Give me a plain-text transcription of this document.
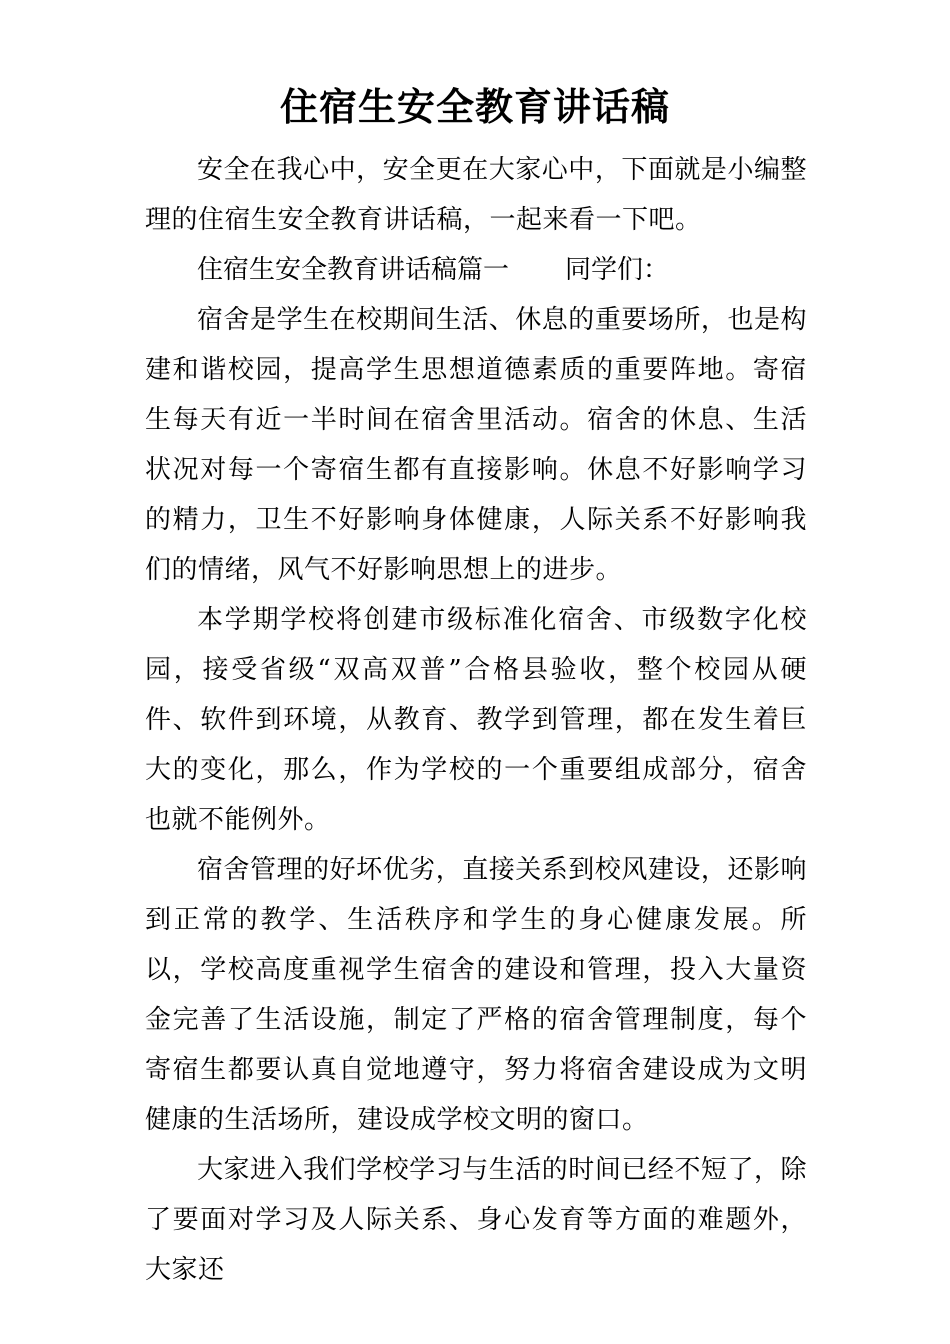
住宿生安全教育讲话稿

安全在我心中，安全更在大家心中，下面就是小编整理的住宿生安全教育讲话稿，一起来看一下吧。

住宿生安全教育讲话稿篇一 同学们：

宿舍是学生在校期间生活、休息的重要场所，也是构建和谐校园，提高学生思想道德素质的重要阵地。寄宿生每天有近一半时间在宿舍里活动。宿舍的休息、生活状况对每一个寄宿生都有直接影响。休息不好影响学习的精力，卫生不好影响身体健康，人际关系不好影响我们的情绪，风气不好影响思想上的进步。

本学期学校将创建市级标准化宿舍、市级数字化校园，接受省级“双高双普”合格县验收，整个校园从硬件、软件到环境，从教育、教学到管理，都在发生着巨大的变化，那么，作为学校的一个重要组成部分，宿舍也就不能例外。

宿舍管理的好坏优劣，直接关系到校风建设，还影响到正常的教学、生活秩序和学生的身心健康发展。所以，学校高度重视学生宿舍的建设和管理，投入大量资金完善了生活设施，制定了严格的宿舍管理制度，每个寄宿生都要认真自觉地遵守，努力将宿舍建设成为文明健康的生活场所，建设成学校文明的窗口。

大家进入我们学校学习与生活的时间已经不短了，除了要面对学习及人际关系、身心发育等方面的难题外，大家还
